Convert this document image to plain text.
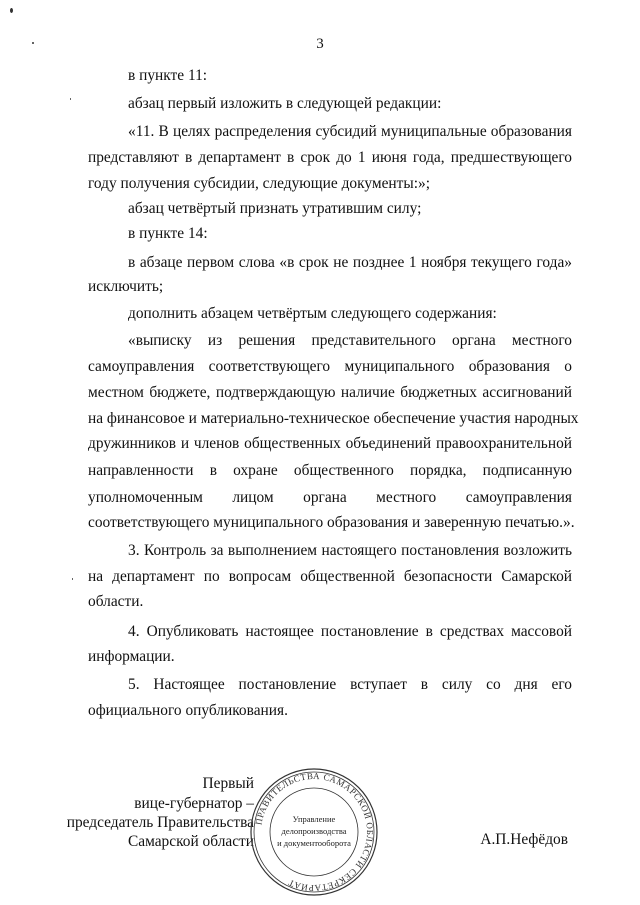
3
в пункте 11:
абзац первый изложить в следующей редакции:
«11. В целях распределения субсидий муниципальные образования
представляют в департамент в срок до 1 июня года, предшествующего
году получения субсидии, следующие документы:»;
абзац четвёртый признать утратившим силу;
в пункте 14:
в абзаце первом слова «в срок не позднее 1 ноября текущего года»
исключить;
дополнить абзацем четвёртым следующего содержания:
«выписку из решения представительного органа местного
самоуправления соответствующего муниципального образования о
местном бюджете, подтверждающую наличие бюджетных ассигнований
на финансовое и материально-техническое обеспечение участия народных
дружинников и членов общественных объединений правоохранительной
направленности в охране общественного порядка, подписанную
уполномоченным лицом органа местного самоуправления
соответствующего муниципального образования и заверенную печатью.».
3. Контроль за выполнением настоящего постановления возложить
на департамент по вопросам общественной безопасности Самарской
области.
4. Опубликовать настоящее постановление в средствах массовой
информации.
5. Настоящее постановление вступает в силу со дня его
официального опубликования.
Первый
вице-губернатор –
председатель Правительства
Самарской области	А.П.Нефёдов
ПРАВИТЕЛЬСТВА САМАРСКОЙ ОБЛАСТИ СЕКРЕТАРИАТ
Управление
делопроизводства
и документооборота
